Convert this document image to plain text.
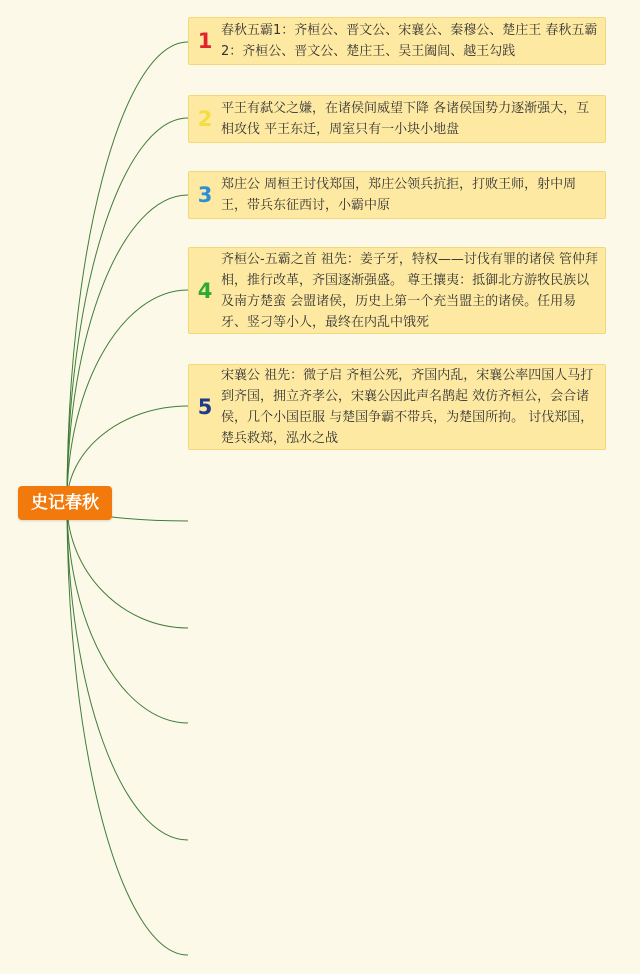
史记春秋
1 春秋五霸1：齐桓公、晋文公、宋襄公、秦穆公、楚庄王 春秋五霸2：齐桓公、晋文公、楚庄王、吴王阖闾、越王勾践
2 平王有弑父之嫌，在诸侯间威望下降 各诸侯国势力逐渐强大，互相攻伐 平王东迁，周室只有一小块小地盘
3 郑庄公 周桓王讨伐郑国，郑庄公领兵抗拒，打败王师，射中周王，带兵东征西讨，小霸中原
4
齐桓公-五霸之首 祖先：姜子牙，特权——讨伐有罪的诸侯 管仲拜相，推行改革，齐国逐渐强盛。 尊王攘夷：抵御北方游牧民族以及南方楚蛮 会盟诸侯，历史上第一个充当盟主的诸侯。任用易牙、竖刁等小人，最终在内乱中饿死
5
宋襄公 祖先：微子启 齐桓公死，齐国内乱，宋襄公率四国人马打到齐国，拥立齐孝公，宋襄公因此声名鹊起 效仿齐桓公，会合诸侯，几个小国臣服 与楚国争霸不带兵，为楚国所拘。 讨伐郑国，楚兵救郑，泓水之战
